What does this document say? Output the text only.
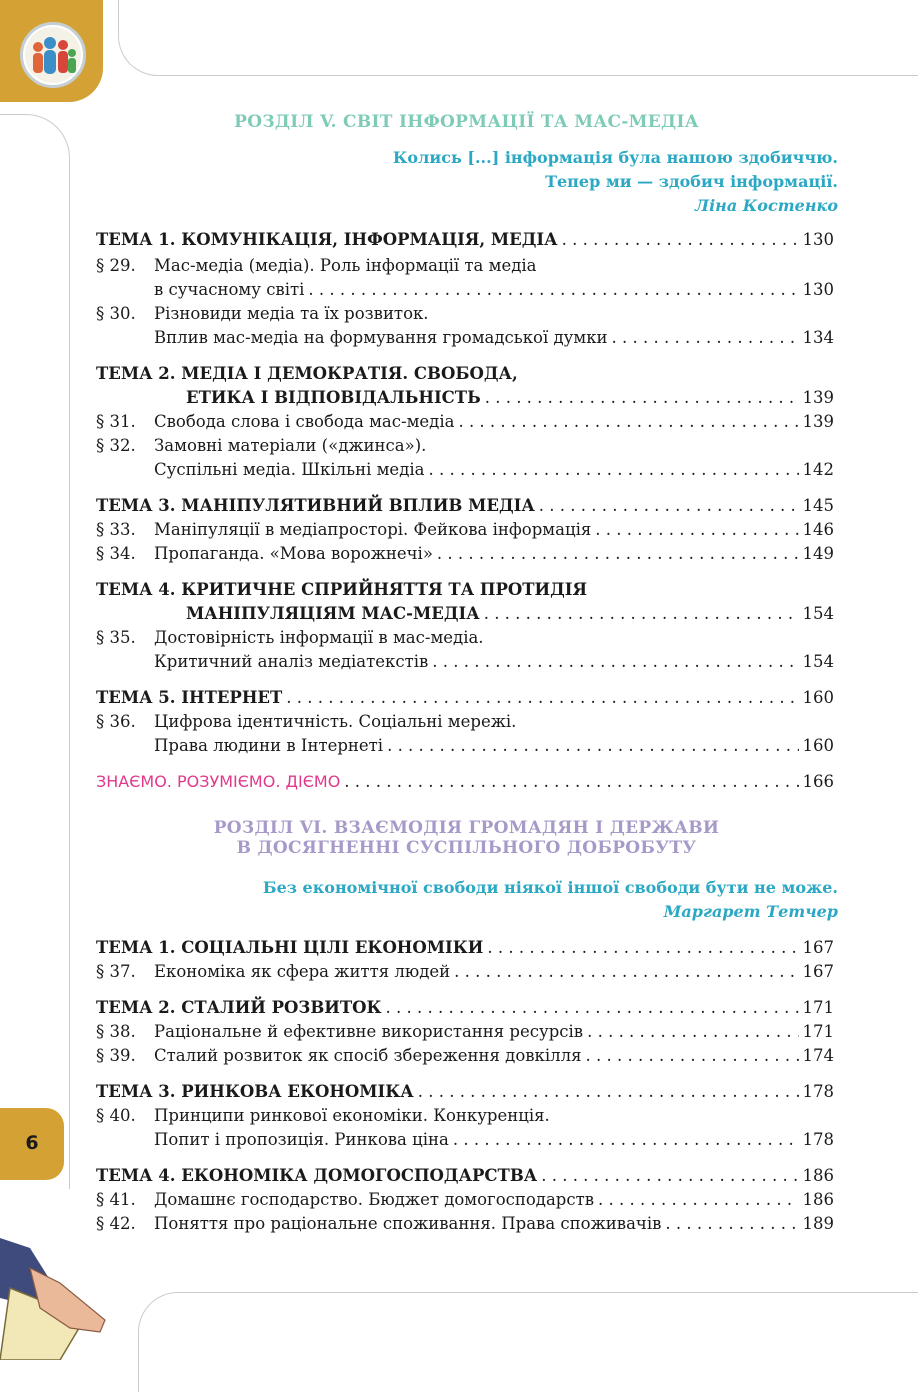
6
РОЗДІЛ V. СВІТ ІНФОРМАЦІЇ ТА МАС-МЕДІА
Колись [...] інформація була нашою здобиччю.
Тепер ми — здобич інформації.
Ліна Костенко
ТЕМА 1. КОМУНІКАЦІЯ, ІНФОРМАЦІЯ, МЕДІА . . .	130
§ 29.	Мас-медіа (медіа). Роль інформації та медіа
в сучасному світі . . .	130
§ 30.	Різновиди медіа та їх розвиток.
Вплив мас-медіа на формування громадської думки . . .	134
ТЕМА 2. МЕДІА І ДЕМОКРАТІЯ. СВОБОДА,
ЕТИКА І ВІДПОВІДАЛЬНІСТЬ . . .	139
§ 31.	Свобода слова і свобода мас-медіа . . .	139
§ 32.	Замовні матеріали («джинса»).
Суспільні медіа. Шкільні медіа . . .	142
ТЕМА 3. МАНІПУЛЯТИВНИЙ ВПЛИВ МЕДІА . . .	145
§ 33.	Маніпуляції в медіапросторі. Фейкова інформація . . .	146
§ 34.	Пропаганда. «Мова ворожнечі» . . .	149
ТЕМА 4. КРИТИЧНЕ СПРИЙНЯТТЯ ТА ПРОТИДІЯ
МАНІПУЛЯЦІЯМ МАС-МЕДІА . . .	154
§ 35.	Достовірність інформації в мас-медіа.
Критичний аналіз медіатекстів . . .	154
ТЕМА 5. ІНТЕРНЕТ . . .	160
§ 36.	Цифрова ідентичність. Соціальні мережі.
Права людини в Інтернеті . . .	160
ЗНАЄМО. РОЗУМІЄМО. ДІЄМО . . .	166
РОЗДІЛ VI. ВЗАЄМОДІЯ ГРОМАДЯН І ДЕРЖАВИ
В ДОСЯГНЕННІ СУСПІЛЬНОГО ДОБРОБУТУ
Без економічної свободи ніякої іншої свободи бути не може.
Маргарет Тетчер
ТЕМА 1. СОЦІАЛЬНІ ЦІЛІ ЕКОНОМІКИ . . .	167
§ 37.	Економіка як сфера життя людей . . .	167
ТЕМА 2. СТАЛИЙ РОЗВИТОК . . .	171
§ 38.	Раціональне й ефективне використання ресурсів . . .	171
§ 39.	Сталий розвиток як спосіб збереження довкілля . . .	174
ТЕМА 3. РИНКОВА ЕКОНОМІКА . . .	178
§ 40.	Принципи ринкової економіки. Конкуренція.
Попит і пропозиція. Ринкова ціна . . .	178
ТЕМА 4. ЕКОНОМІКА ДОМОГОСПОДАРСТВА . . .	186
§ 41.	Домашнє господарство. Бюджет домогосподарств . . .	186
§ 42.	Поняття про раціональне споживання. Права споживачів . . .	189
